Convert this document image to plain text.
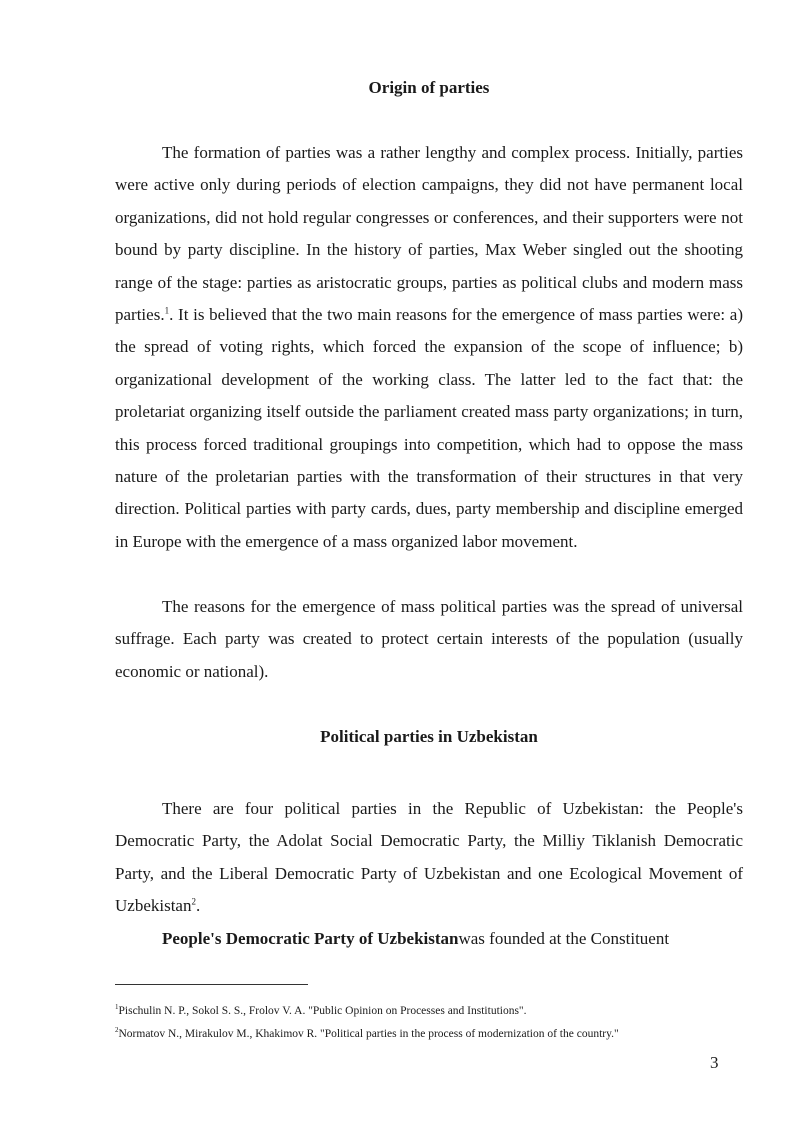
Origin of parties

The formation of parties was a rather lengthy and complex process. Initially, parties were active only during periods of election campaigns, they did not have permanent local organizations, did not hold regular congresses or conferences, and their supporters were not bound by party discipline. In the history of parties, Max Weber singled out the shooting range of the stage: parties as aristocratic groups, parties as political clubs and modern mass parties.$^1$. It is believed that the two main reasons for the emergence of mass parties were: a) the spread of voting rights, which forced the expansion of the scope of influence; b) organizational development of the working class. The latter led to the fact that: the proletariat organizing itself outside the parliament created mass party organizations; in turn, this process forced traditional groupings into competition, which had to oppose the mass nature of the proletarian parties with the transformation of their structures in that very direction. Political parties with party cards, dues, party membership and discipline emerged in Europe with the emergence of a mass organized labor movement.

The reasons for the emergence of mass political parties was the spread of universal suffrage. Each party was created to protect certain interests of the population (usually economic or national).

Political parties in Uzbekistan

There are four political parties in the Republic of Uzbekistan: the People's Democratic Party, the Adolat Social Democratic Party, the Milliy Tiklanish Democratic Party, and the Liberal Democratic Party of Uzbekistan and one Ecological Movement of Uzbekistan$^2$.

People's Democratic Party of Uzbekistanwas founded at the Constituent

$^1$Pischulin N. P., Sokol S. S., Frolov V. A. "Public Opinion on Processes and Institutions".

$^2$Normatov N., Mirakulov M., Khakimov R. "Political parties in the process of modernization of the country."

3
